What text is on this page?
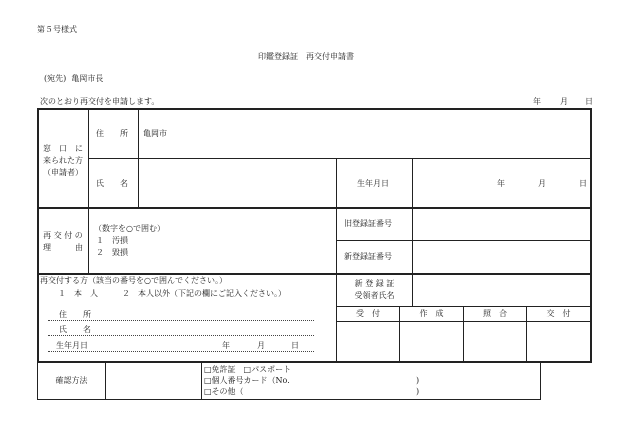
第５号様式
印鑑登録証　再交付申請書
(宛先)  亀岡市長
次のとおり再交付を申請します。	年 月 日
窓　口　に
来られた方
（申請者）
住　　所 亀岡市
氏　　名	生年月日	年	月	日
再 交 付 の
理　　　由
（数字を○で囲む）
１　汚損
２　毀損
旧登録証番号
新登録証番号
再交付する方（該当の番号を○で囲んでください。）
１　本　人　　　２　本人以外（下記の欄にご記入ください。）
住　　所
氏　　名
生年月日	年	月	日
新 登 録 証
受領者氏名
受　付	作　成	照　合	交　付
確認方法
□免許証　□パスポート
□個人番号カード（No.
□その他（
)
)
